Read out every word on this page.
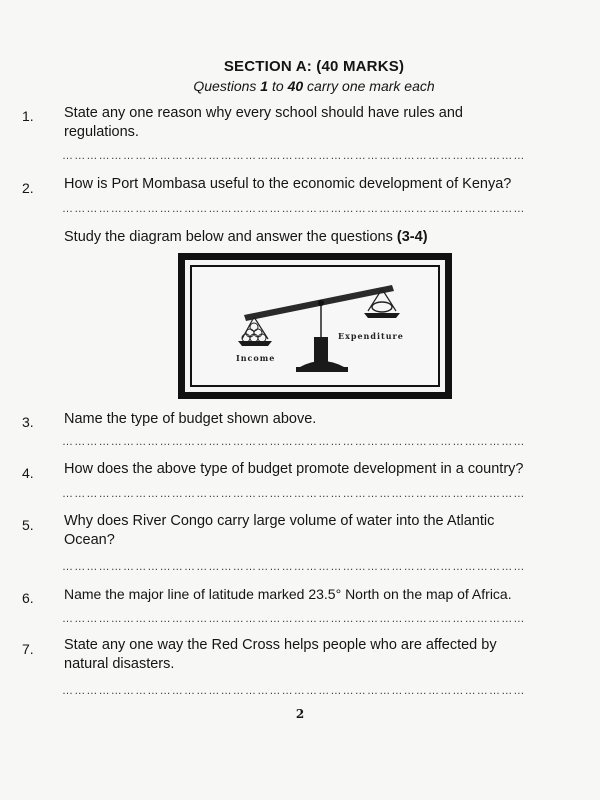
SECTION A: (40 MARKS)
Questions 1 to 40 carry one mark each
1.	State any one reason why every school should have rules and
regulations.
……………………………………………………………………………………………………
2.	How is Port Mombasa useful to the economic development of Kenya?
……………………………………………………………………………………………………
Study the diagram below and answer the questions (3-4)
Income
Expenditure
3.	Name the type of budget shown above.
……………………………………………………………………………………………………
4.	How does the above type of budget promote development in a country?
……………………………………………………………………………………………………
5.	Why does River Congo carry large volume of water into the Atlantic
Ocean?
……………………………………………………………………………………………………
6.	Name the major line of latitude marked 23.5° North on the map of Africa.
……………………………………………………………………………………………………
7.	State any one way the Red Cross helps people who are affected by
natural disasters.
……………………………………………………………………………………………………
2
